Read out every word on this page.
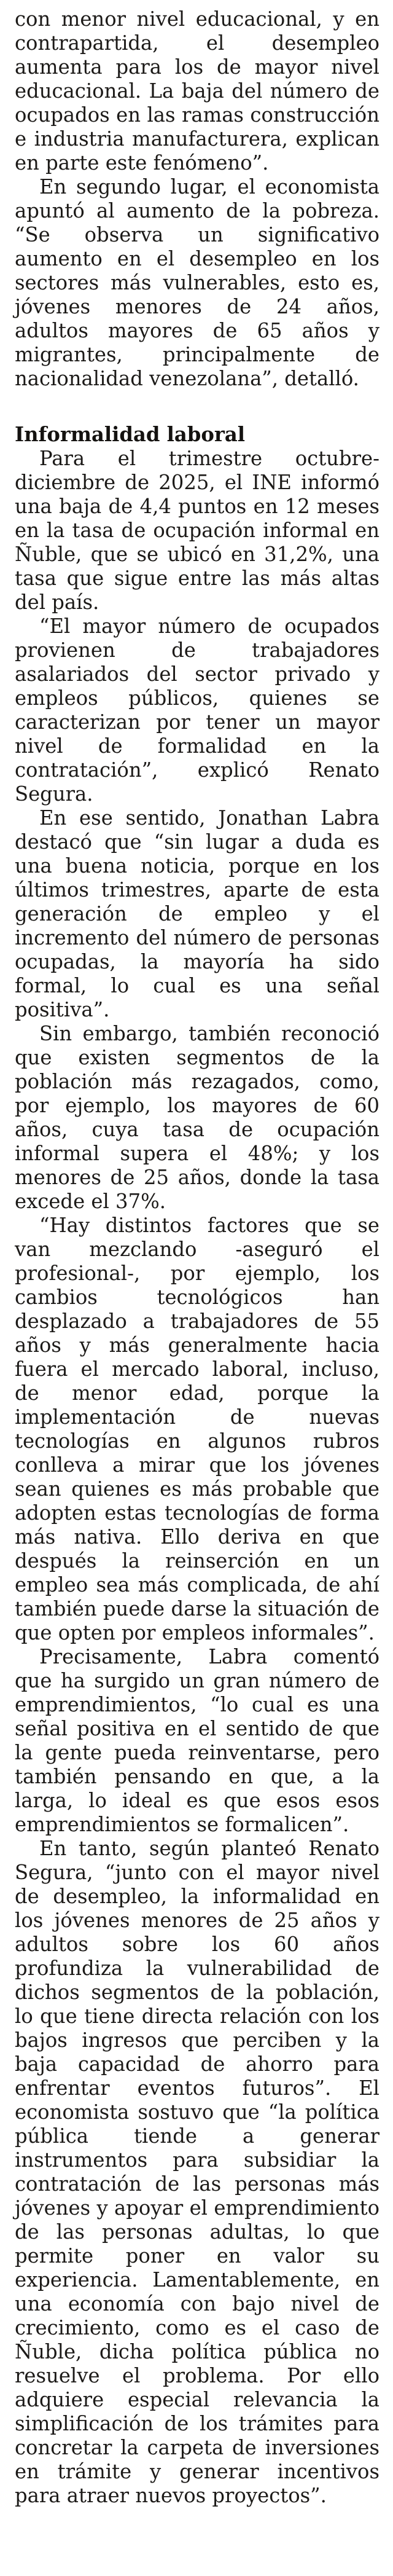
con menor nivel educacional, y en contrapartida, el desempleo aumenta para los de mayor nivel educacional. La baja del número de ocupados en las ramas construcción e industria manufacturera, explican en parte este fenómeno”.

En segundo lugar, el economista apuntó al aumento de la pobreza. “Se observa un significativo aumento en el desempleo en los sectores más vulnerables, esto es, jóvenes menores de 24 años, adultos mayores de 65 años y migrantes, principalmente de nacionalidad venezolana”, detalló.

Informalidad laboral

Para el trimestre octubre-diciembre de 2025, el INE informó una baja de 4,4 puntos en 12 meses en la tasa de ocupación informal en Ñuble, que se ubicó en 31,2%, una tasa que sigue entre las más altas del país.

“El mayor número de ocupados provienen de trabajadores asalariados del sector privado y empleos públicos, quienes se caracterizan por tener un mayor nivel de formalidad en la contratación”, explicó Renato Segura.

En ese sentido, Jonathan Labra destacó que “sin lugar a duda es una buena noticia, porque en los últimos trimestres, aparte de esta generación de empleo y el incremento del número de personas ocupadas, la mayoría ha sido formal, lo cual es una señal positiva”.

Sin embargo, también reconoció que existen segmentos de la población más rezagados, como, por ejemplo, los mayores de 60 años, cuya tasa de ocupación informal supera el 48%; y los menores de 25 años, donde la tasa excede el 37%.

“Hay distintos factores que se van mezclando -aseguró el profesional-, por ejemplo, los cambios tecnológicos han desplazado a trabajadores de 55 años y más generalmente hacia fuera el mercado laboral, incluso, de menor edad, porque la implementación de nuevas tecnologías en algunos rubros conlleva a mirar que los jóvenes sean quienes es más probable que adopten estas tecnologías de forma más nativa. Ello deriva en que después la reinserción en un empleo sea más complicada, de ahí también puede darse la situación de que opten por empleos informales”.

Precisamente, Labra comentó que ha surgido un gran número de emprendimientos, “lo cual es una señal positiva en el sentido de que la gente pueda reinventarse, pero también pensando en que, a la larga, lo ideal es que esos esos emprendimientos se formalicen”.

En tanto, según planteó Renato Segura, “junto con el mayor nivel de desempleo, la informalidad en los jóvenes menores de 25 años y adultos sobre los 60 años profundiza la vulnerabilidad de dichos segmentos de la población, lo que tiene directa relación con los bajos ingresos que perciben y la baja capacidad de ahorro para enfrentar eventos futuros”. El economista sostuvo que “la política pública tiende a generar instrumentos para subsidiar la contratación de las personas más jóvenes y apoyar el emprendimiento de las personas adultas, lo que permite poner en valor su experiencia. Lamentablemente, en una economía con bajo nivel de crecimiento, como es el caso de Ñuble, dicha política pública no resuelve el problema. Por ello adquiere especial relevancia la simplificación de los trámites para concretar la carpeta de inversiones en trámite y generar incentivos para atraer nuevos proyectos”.
